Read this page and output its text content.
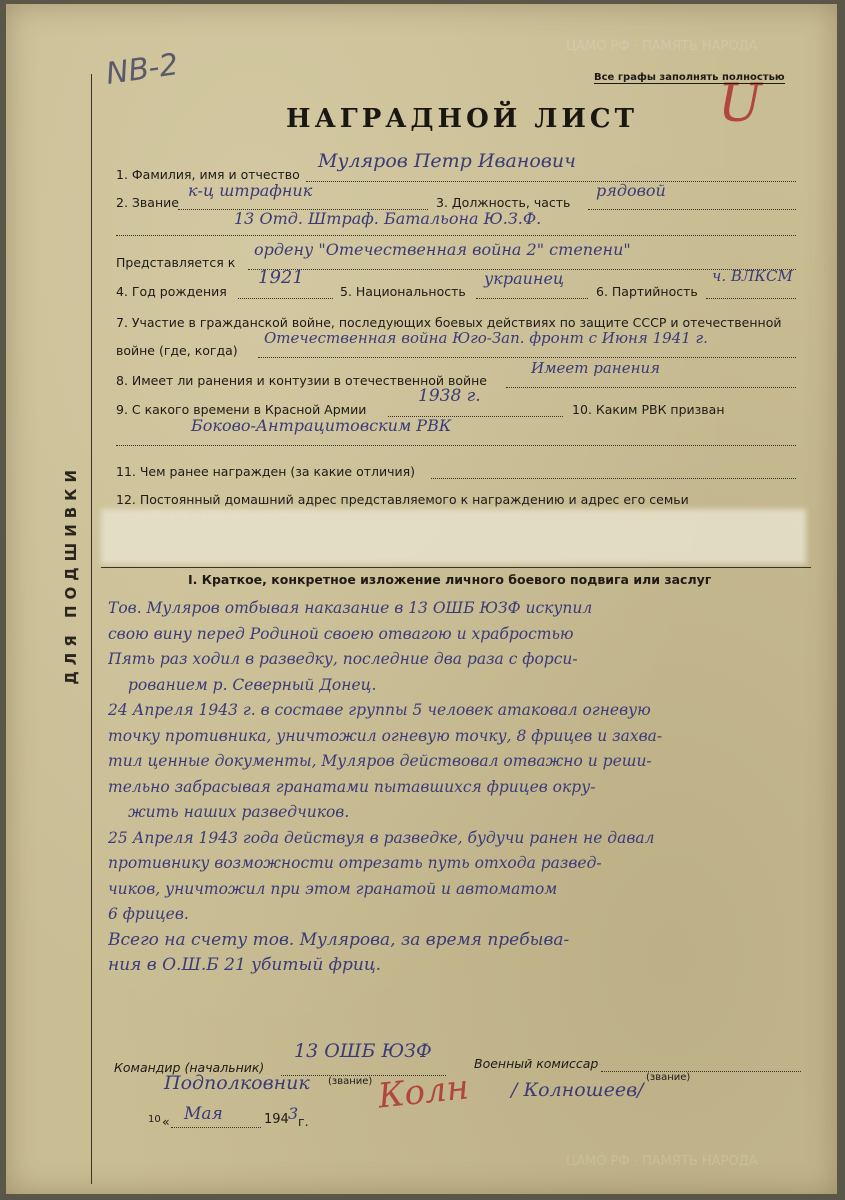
ЦАМО РФ · ПАМЯТЬ НАРОДА
ЦАМО РФ · ПАМЯТЬ НАРОДА
NB-2
U
Все графы заполнять полностью
НАГРАДНОЙ ЛИСТ
ДЛЯ ПОДШИВКИ
1. Фамилия, имя и отчество
Муляров Петр Иванович
2. Звание
к-ц штрафник
3. Должность, часть
рядовой
13 Отд. Штраф. Батальона Ю.З.Ф.
Представляется к
ордену "Отечественная война 2" степени"
4. Год рождения
1921
5. Национальность
украинец
6. Партийность
ч. ВЛКСМ
7. Участие в гражданской войне, последующих боевых действиях по защите СССР и отечественной
войне (где, когда)
Отечественная война Юго-Зап. фронт с Июня 1941 г.
8. Имеет ли ранения и контузии в отечественной войне
Имеет ранения
9. С какого времени в Красной Армии
1938 г.
10. Каким РВК призван
Боково-Антрацитовским РВК
11. Чем ранее награжден (за какие отличия)
12. Постоянный домашний адрес представляемого к награждению и адрес его семьи
I. Краткое, конкретное изложение личного боевого подвига или заслуг
Тов. Муляров отбывая наказание в 13 ОШБ ЮЗФ искупил
свою вину перед Родиной своею отвагою и храбростью
Пять раз ходил в разведку, последние два раза с форси-
рованием р. Северный Донец.
24 Апреля 1943 г. в составе группы 5 человек атаковал огневую
точку противника, уничтожил огневую точку, 8 фрицев и захва-
тил ценные документы, Муляров действовал отважно и реши-
тельно забрасывая гранатами пытавшихся фрицев окру-
жить наших разведчиков.
25 Апреля 1943 года действуя в разведке, будучи ранен не давал
противнику возможности отрезать путь отхода развед-
чиков, уничтожил при этом гранатой и автоматом
6 фрицев.
Всего на счету тов. Мулярова, за время пребыва-
ния в О.Ш.Б 21 убитый фриц.
Командир (начальник)
13 ОШБ ЮЗФ
(звание)
Подполковник
Военный комиссар
(звание)
Колн / Колношеев/
10 « Мая	194 3 г.
